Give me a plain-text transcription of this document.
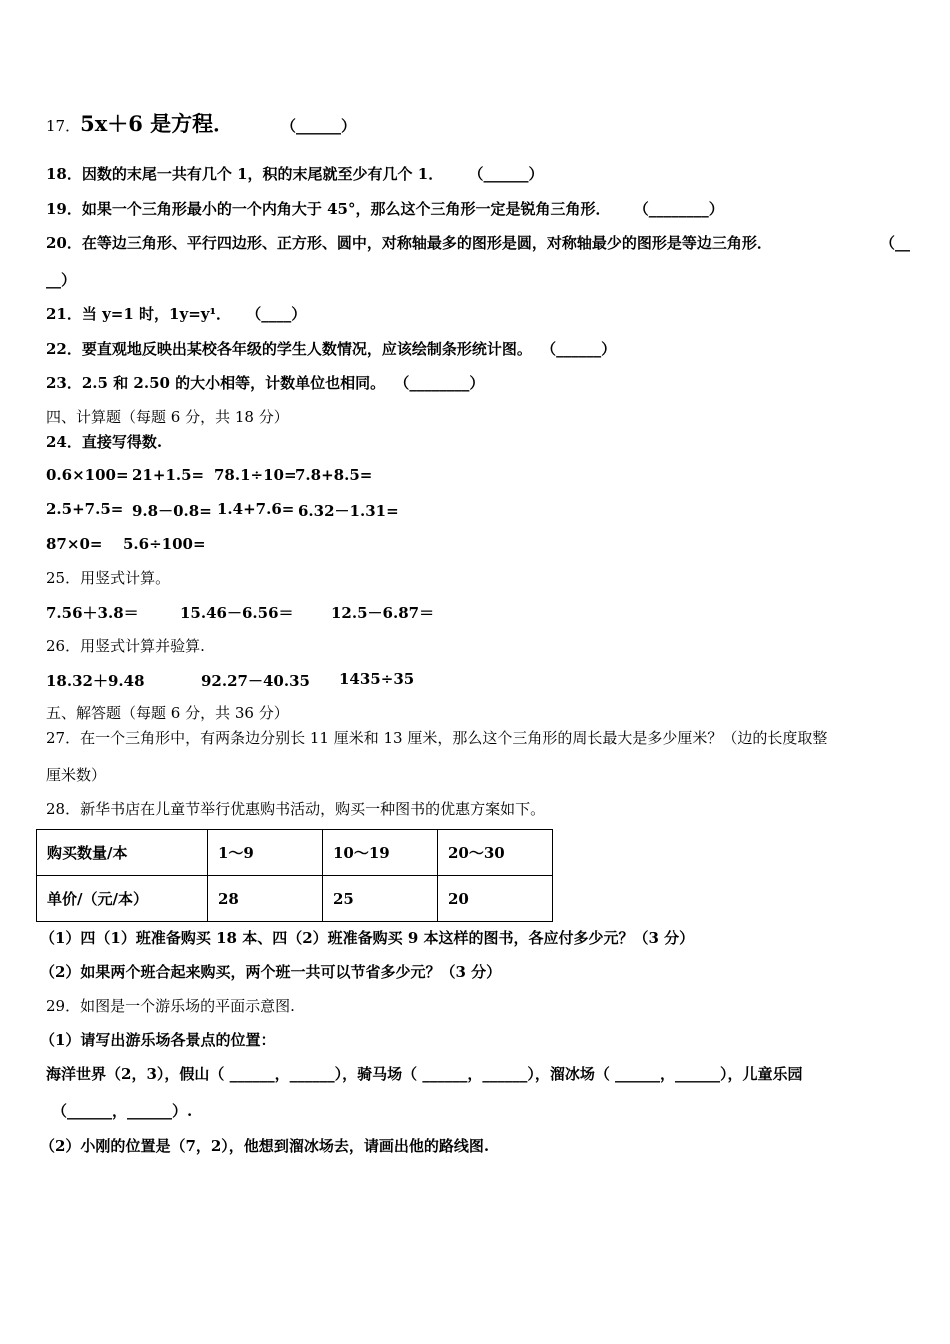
17．5x＋6 是方程．	（______）
18．因数的末尾一共有几个 1，积的末尾就至少有几个 1． （______）
19．如果一个三角形最小的一个内角大于 45°，那么这个三角形一定是锐角三角形． （________）
20．在等边三角形、平行四边形、正方形、圆中，对称轴最多的图形是圆，对称轴最少的图形是等边三角形．	（__
__）
21．当 y=1 时，1y=y¹． （____）
22．要直观地反映出某校各年级的学生人数情况，应该绘制条形统计图。 （______）
23．2.5 和 2.50 的大小相等，计数单位也相同。 （________）
四、计算题（每题 6 分，共 18 分）
24．直接写得数.
0.6×100= 21+1.5= 78.1÷10=
7.8+8.5=
2.5+7.5= 9.8－0.8= 1.4+7.6= 6.32－1.31=
87×0= 5.6÷100=
25．用竖式计算。
7.56＋3.8＝	15.46－6.56＝ 12.5－6.87＝
26．用竖式计算并验算.
18.32＋9.48	92.27－40.35 1435÷35
五、解答题（每题 6 分，共 36 分）
27．在一个三角形中，有两条边分别长 11 厘米和 13 厘米，那么这个三角形的周长最大是多少厘米？（边的长度取整
厘米数）
28．新华书店在儿童节举行优惠购书活动，购买一种图书的优惠方案如下。
购买数量/本	1～9	10～19	20～30
单价/（元/本）	28	25	20
（1）四（1）班准备购买 18 本、四（2）班准备购买 9 本这样的图书，各应付多少元？（3 分）
（2）如果两个班合起来购买，两个班一共可以节省多少元？（3 分）
29．如图是一个游乐场的平面示意图.
（1）请写出游乐场各景点的位置：
海洋世界（2，3），假山（ ______，______），骑马场（ ______，______），溜冰场（ ______，______），儿童乐园
（______，______）.
（2）小刚的位置是（7，2），他想到溜冰场去，请画出他的路线图.
